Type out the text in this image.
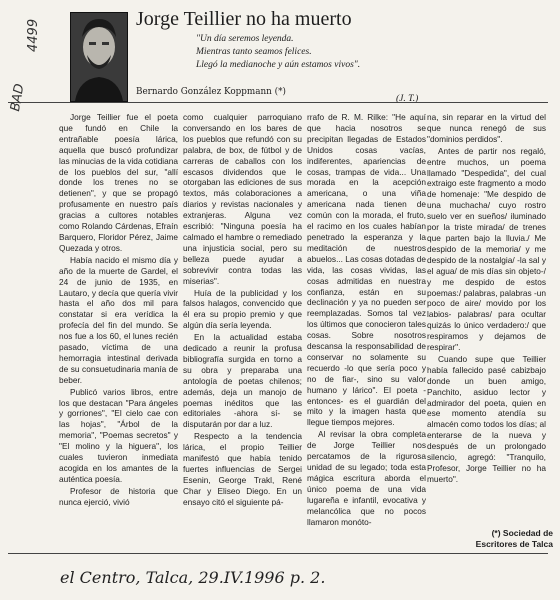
Jorge Teillier no ha muerto
"Un día seremos leyenda.
Mientras tanto seamos felices.
Llegó la medianoche y aún estamos vivos".
(J. T.)
Bernardo González Koppmann (*)

Jorge Teillier fue el poeta que fundó en Chile la entrañable poesía lárica, aquella que buscó profundizar las minucias de la vida cotidiana de los pueblos del sur, "allí donde los trenes no se detienen", y que se propagó profusamente en nuestro país gracias a cultores notables como Rolando Cárdenas, Efraín Barquero, Floridor Pérez, Jaime Quezada y otros.

Había nacido el mismo día y año de la muerte de Gardel, el 24 de junio de 1935, en Lautaro, y decía que quería vivir hasta el año dos mil para constatar si era verídica la profecía del fin del mundo. Se nos fue a los 60, el lunes recién pasado, víctima de una hemorragia intestinal derivada de su consuetudinaria manía de beber.

Publicó varios libros, entre los que destacan "Para ángeles y gorriones", "El cielo cae con las hojas", "Árbol de la memoria", "Poemas secretos" y "El molino y la higuera", los cuales tuvieron inmediata acogida en los amantes de la auténtica poesía.

Profesor de historia que nunca ejerció, vivió

como cualquier parroquiano conversando en los bares de los pueblos que refundó con su palabra, de box, de fútbol y de carreras de caballos con los escasos dividendos que le otorgaban las ediciones de sus textos, más colaboraciones a diarios y revistas nacionales y extranjeras. Alguna vez escribió: "Ninguna poesía ha calmado el hambre o remediado una injusticia social, pero su belleza puede ayudar a sobrevivir contra todas las miserias".

Huía de la publicidad y los falsos halagos, convencido que él era su propio premio y que algún día sería leyenda.

En la actualidad estaba dedicado a reunir la profusa bibliografía surgida en torno a su obra y preparaba una antología de poetas chilenos; además, deja un manojo de poemas inéditos que las editoriales -ahora sí- se disputarán por dar a luz.

Respecto a la tendencia lárica, el propio Teillier manifestó que había tenido fuertes influencias de Sergei Esenin, George Trakl, René Char y Eliseo Diego. En un ensayo citó el siguiente pá-

rrafo de R. M. Rilke: "He aquí que hacia nosotros se precipitan llegadas de Estados Unidos cosas vacías, indiferentes, apariencias de cosas, trampas de vida... Una morada en la acepción americana, o una viña americana nada tienen de común con la morada, el fruto, el racimo en los cuales habían penetrado la esperanza y la meditación de nuestros abuelos... Las cosas dotadas de vida, las cosas vividas, las cosas admitidas en nuestra confianza, están en su declinación y ya no pueden ser reemplazadas. Somos tal vez los últimos que conocieron tales cosas. Sobre nosotros descansa la responsabilidad de conservar no solamente su recuerdo -lo que sería poco y no de fiar-, sino su valor humano y lárico". El poeta -entonces- es el guardián del mito y la imagen hasta que llegue tiempos mejores.

Al revisar la obra completa de Jorge Teillier nos percatamos de la rigurosa unidad de su legado; toda esta mágica escritura aborda el único poema de una vida lugareña e infantil, evocativa y melancólica que no pocos llamaron monóto-

na, sin reparar en la virtud del que nunca renegó de sus "dominios perdidos".

Antes de partir nos regaló, entre muchos, un poema llamado "Despedida", del cual extraigo este fragmento a modo de homenaje: "Me despido de una muchacha/ cuyo rostro suelo ver en sueños/ iluminado por la triste mirada/ de trenes que parten bajo la lluvia./ Me despido de la memoria/ y me despido de la nostalgia/ -la sal y el agua/ de mis días sin objeto-/ y me despido de estos poemas:/ palabras, palabras -un poco de aire/ movido por los labios- palabras/ para ocultar quizás lo único verdadero:/ que respiramos y dejamos de respirar".

Cuando supe que Teillier había fallecido pasé cabizbajo donde un buen amigo, Panchito, asiduo lector y admirador del poeta, quien en ese momento atendía su almacén como todos los días; al enterarse de la nueva y después de un prolongado silencio, agregó: "Tranquilo, Profesor, Jorge Teillier no ha muerto".

(*) Sociedad de
Escritores de Talca
4499
BAD
el Centro, Talca, 29.IV.1996 p. 2.
